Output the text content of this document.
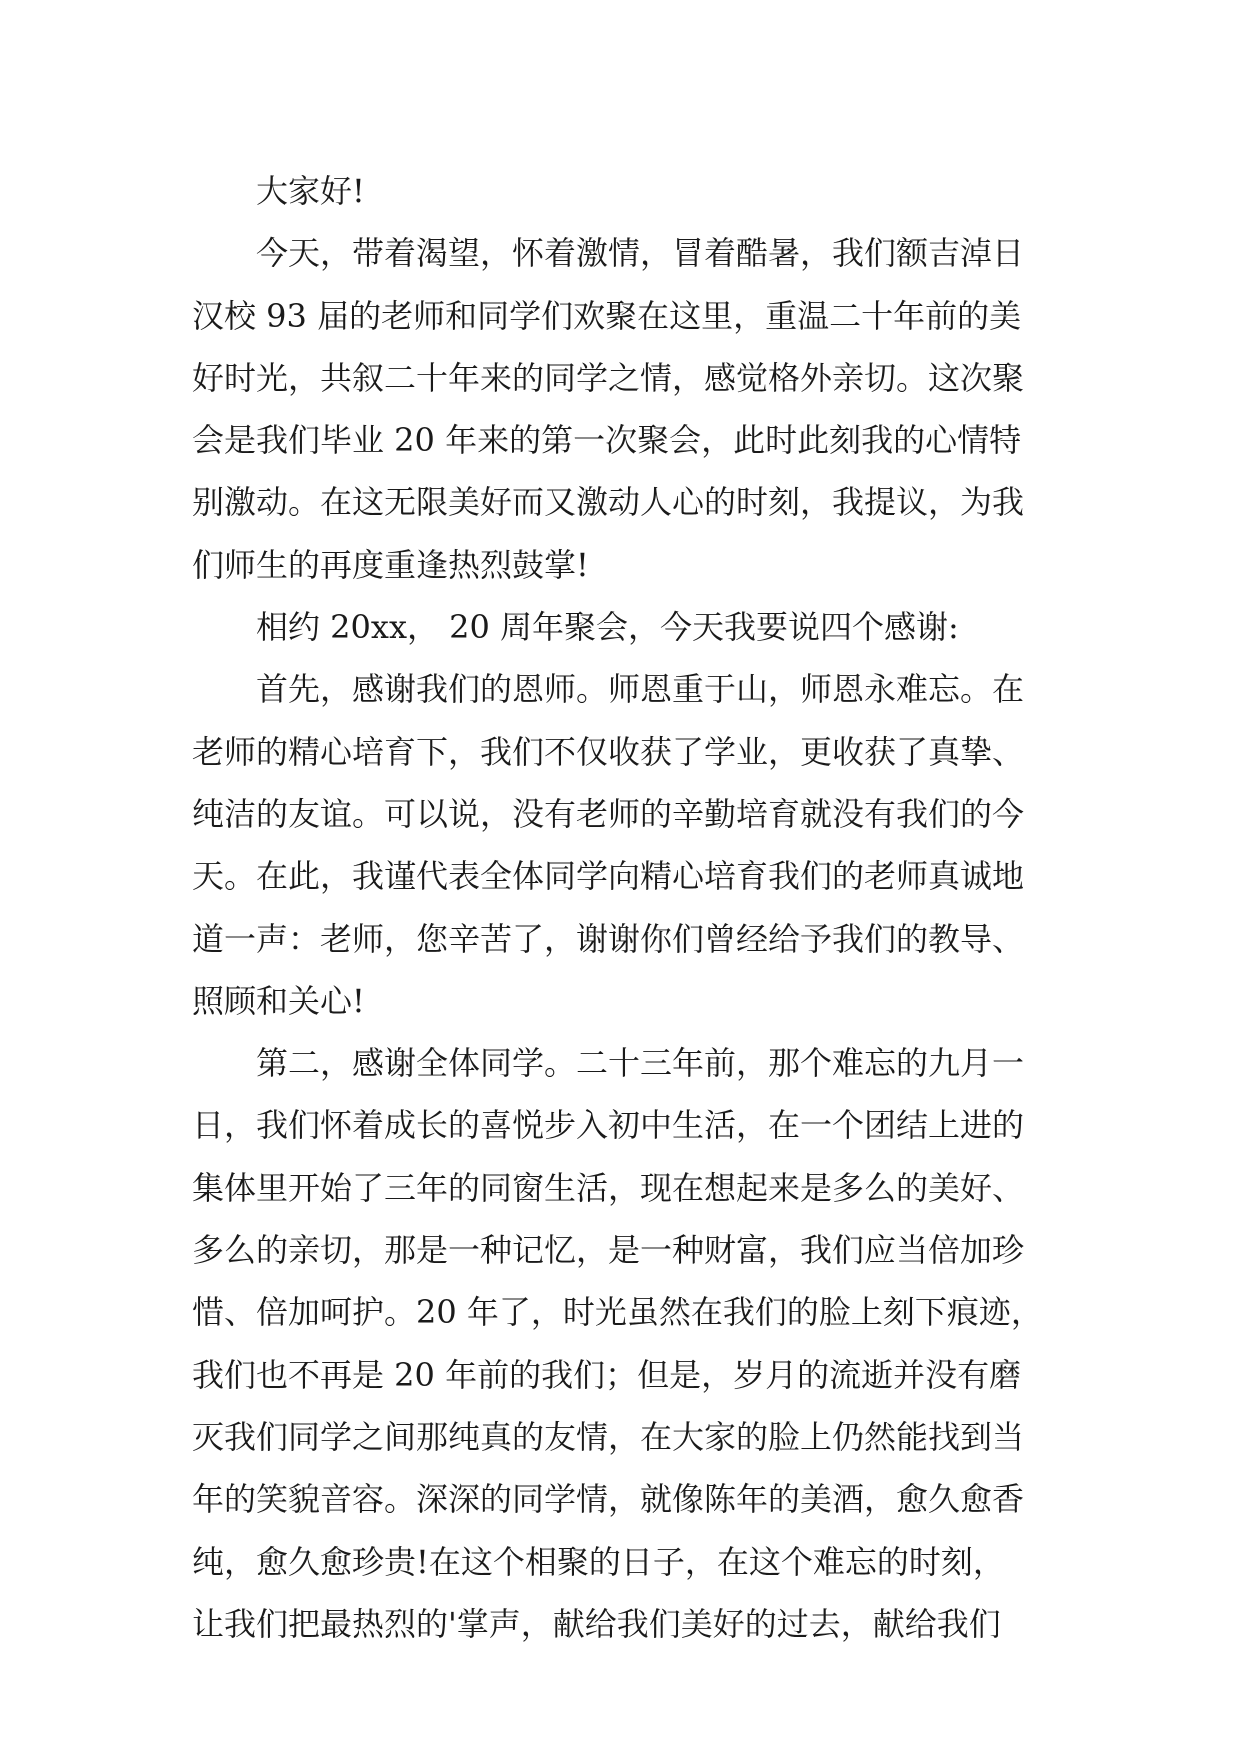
大家好!
今天，带着渴望，怀着激情，冒着酷暑，我们额吉淖日
汉校 93 届的老师和同学们欢聚在这里，重温二十年前的美
好时光，共叙二十年来的同学之情，感觉格外亲切。这次聚
会是我们毕业 20 年来的第一次聚会，此时此刻我的心情特
别激动。在这无限美好而又激动人心的时刻，我提议，为我
们师生的再度重逢热烈鼓掌!
相约 20xx， 20 周年聚会，今天我要说四个感谢:
首先，感谢我们的恩师。师恩重于山，师恩永难忘。在
老师的精心培育下，我们不仅收获了学业，更收获了真挚、
纯洁的友谊。可以说，没有老师的辛勤培育就没有我们的今
天。在此，我谨代表全体同学向精心培育我们的老师真诚地
道一声：老师，您辛苦了，谢谢你们曾经给予我们的教导、
照顾和关心!
第二，感谢全体同学。二十三年前，那个难忘的九月一
日，我们怀着成长的喜悦步入初中生活，在一个团结上进的
集体里开始了三年的同窗生活，现在想起来是多么的美好、
多么的亲切，那是一种记忆，是一种财富，我们应当倍加珍
惜、倍加呵护。20 年了，时光虽然在我们的脸上刻下痕迹，
我们也不再是 20 年前的我们；但是，岁月的流逝并没有磨
灭我们同学之间那纯真的友情，在大家的脸上仍然能找到当
年的笑貌音容。深深的同学情，就像陈年的美酒，愈久愈香
纯，愈久愈珍贵!在这个相聚的日子，在这个难忘的时刻，
让我们把最热烈的'掌声，献给我们美好的过去，献给我们
